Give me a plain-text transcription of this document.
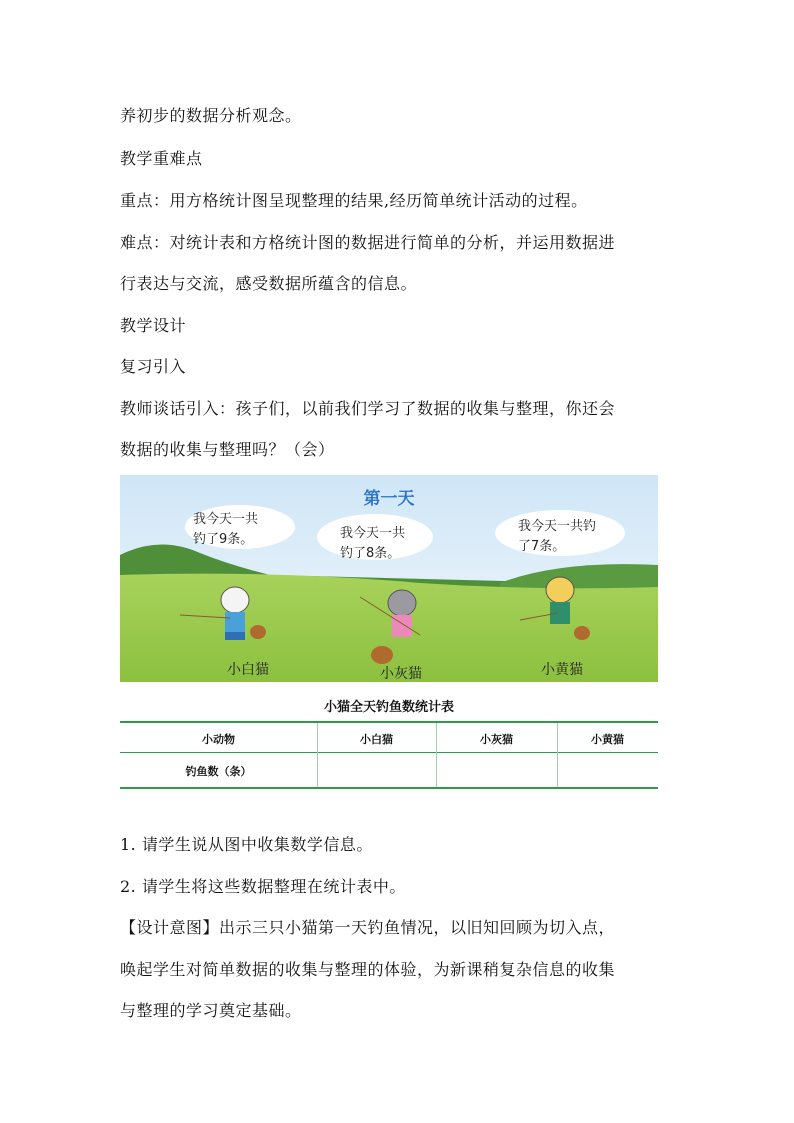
养初步的数据分析观念。
教学重难点
重点：用方格统计图呈现整理的结果,经历简单统计活动的过程。
难点：对统计表和方格统计图的数据进行简单的分析，并运用数据进
行表达与交流，感受数据所蕴含的信息。
教学设计
复习引入
教师谈话引入：孩子们，以前我们学习了数据的收集与整理，你还会
数据的收集与整理吗？（会）
第一天
我今天一共
钓了9条。	我今天一共
钓了8条。
我今天一共钓
了7条。
小白猫	小灰猫	小黄猫
小猫全天钓鱼数统计表
小动物	小白猫	小灰猫	小黄猫
钓鱼数（条）
1. 请学生说从图中收集数学信息。
2. 请学生将这些数据整理在统计表中。
【设计意图】出示三只小猫第一天钓鱼情况，以旧知回顾为切入点，
唤起学生对简单数据的收集与整理的体验，为新课稍复杂信息的收集
与整理的学习奠定基础。
